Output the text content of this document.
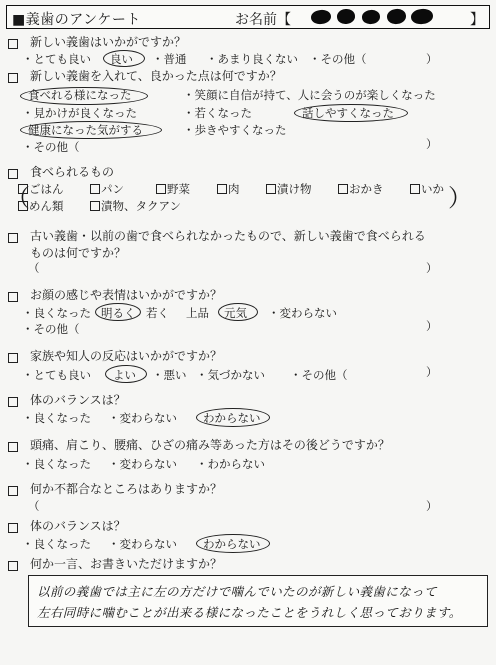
■義歯のアンケート	お名前【	】
新しい義歯はいかがですか？
・とても良い 良い ・普通 ・あまり良くない ・その他（	）
新しい義歯を入れて、良かった点は何ですか？
食べれる様になった	・笑顔に自信が持て、人に会うのが楽しくなった
・見かけが良くなった	・若くなった	話しやすくなった
健康になった気がする	・歩きやすくなった
・その他（	）
食べられるもの
（	）
ごはん	パン	野菜	肉	漬け物	おかき	いか
めん類	漬物、タクアン
古い義歯・以前の歯で食べられなかったもので、新しい義歯で食べられる
ものは何ですか？
（	）
お顔の感じや表情はいかがですか？
・良くなった 明るく 若く 上品 元気 ・変わらない
・その他（	）
家族や知人の反応はいかがですか？
・とても良い よい ・悪い ・気づかない ・その他（	）
体のバランスは？
・良くなった ・変わらない わからない
頭痛、肩こり、腰痛、ひざの痛み等あった方はその後どうですか？
・良くなった ・変わらない ・わからない
何か不都合なところはありますか？
（	）
体のバランスは？
・良くなった ・変わらない わからない
何か一言、お書きいただけますか？
以前の義歯では主に左の方だけで噛んでいたのが新しい義歯になって
左右同時に噛むことが出来る様になったことをうれしく思っております。
